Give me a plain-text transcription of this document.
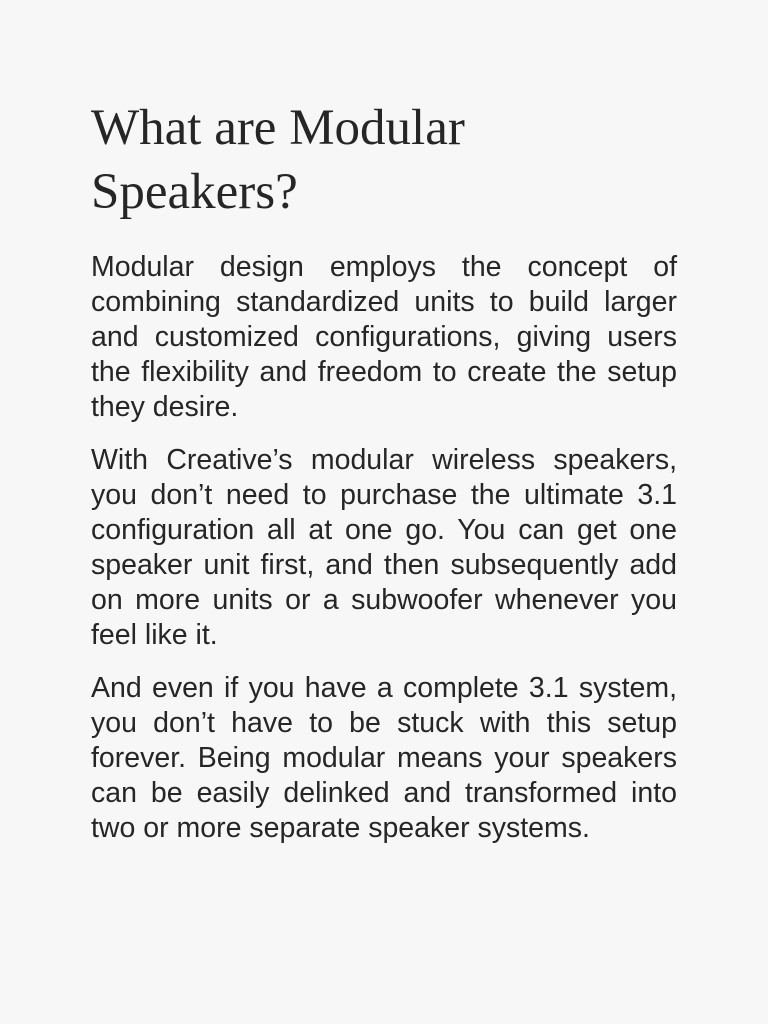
What are Modular Speakers?

Modular design employs the concept of combining standardized units to build larger and customized configurations, giving users the flexibility and freedom to create the setup they desire.

With Creative’s modular wireless speakers, you don’t need to purchase the ultimate 3.1 configuration all at one go. You can get one speaker unit first, and then subsequently add on more units or a subwoofer whenever you feel like it.

And even if you have a complete 3.1 system, you don’t have to be stuck with this setup forever. Being modular means your speakers can be easily delinked and transformed into two or more separate speaker systems.
